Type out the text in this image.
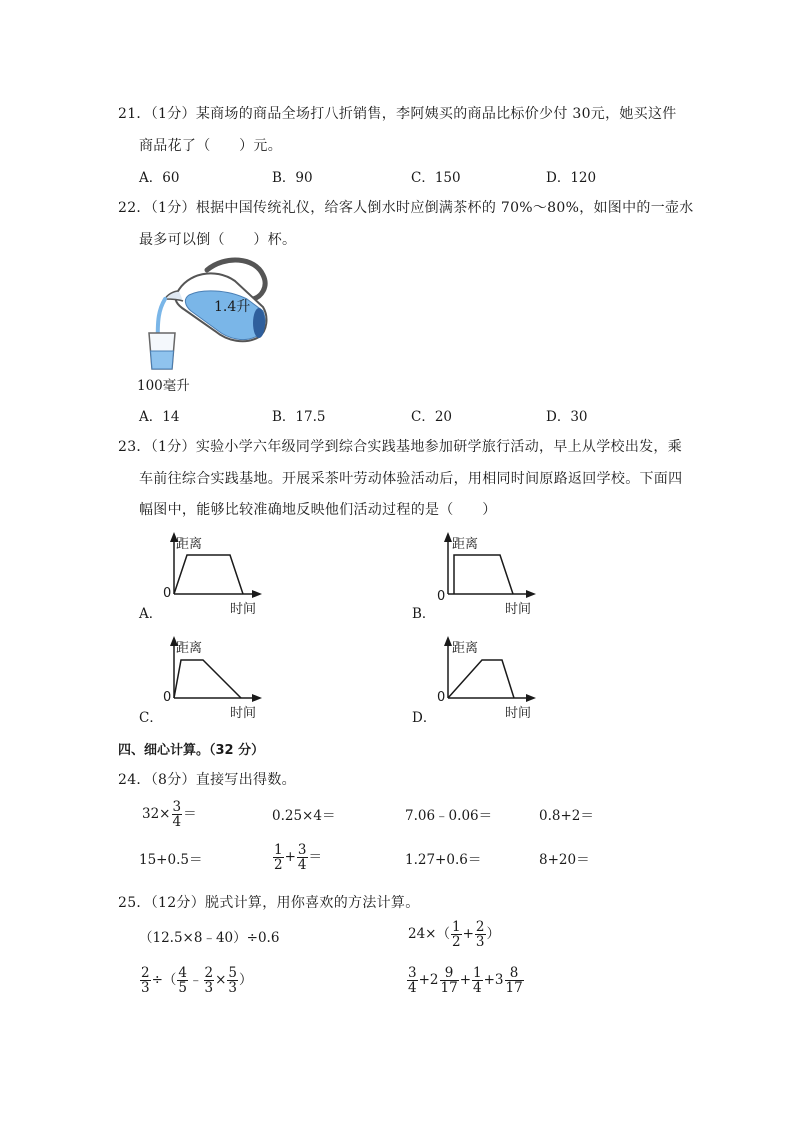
21．（1分）某商场的商品全场打八折销售，李阿姨买的商品比标价少付 30元，她买这件
商品花了（　　）元。
A．60	B．90	C．150	D．120
22．（1分）根据中国传统礼仪，给客人倒水时应倒满茶杯的 70%～80%，如图中的一壶水
最多可以倒（　　）杯。
1.4升
100毫升
A．14	B．17.5	C．20	D．30
23．（1分）实验小学六年级同学到综合实践基地参加研学旅行活动，早上从学校出发，乘
车前往综合实践基地。开展采茶叶劳动体验活动后，用相同时间原路返回学校。下面四
幅图中，能够比较准确地反映他们活动过程的是（　　）
A．
距离
时间
0
B．
距离
时间
0
C．
距离
时间
0
D．
距离
时间
0
四、细心计算。（32 分）
24．（8分）直接写出得数。
$32\times \frac{3}{4}$ ＝	0.25×4＝	7.06﹣0.06＝	0.8+2＝
15+0.5＝	$\frac{1}{2} + \frac{3}{4}$ ＝	1.27+0.6＝	8+20＝
25．（12分）脱式计算，用你喜欢的方法计算。
（12.5×8﹣40）÷0.6	$24\times( \frac{1}{2} + \frac{2}{3}$ ）
$\frac{2}{3}$ ÷（ $\frac{4}{5}$ ﹣ $\frac{2}{3} \times \frac{5}{3}$ ）	$\frac{3}{4} +2 \frac{9}{17} + \frac{1}{4} +3 \frac{8}{17}$
